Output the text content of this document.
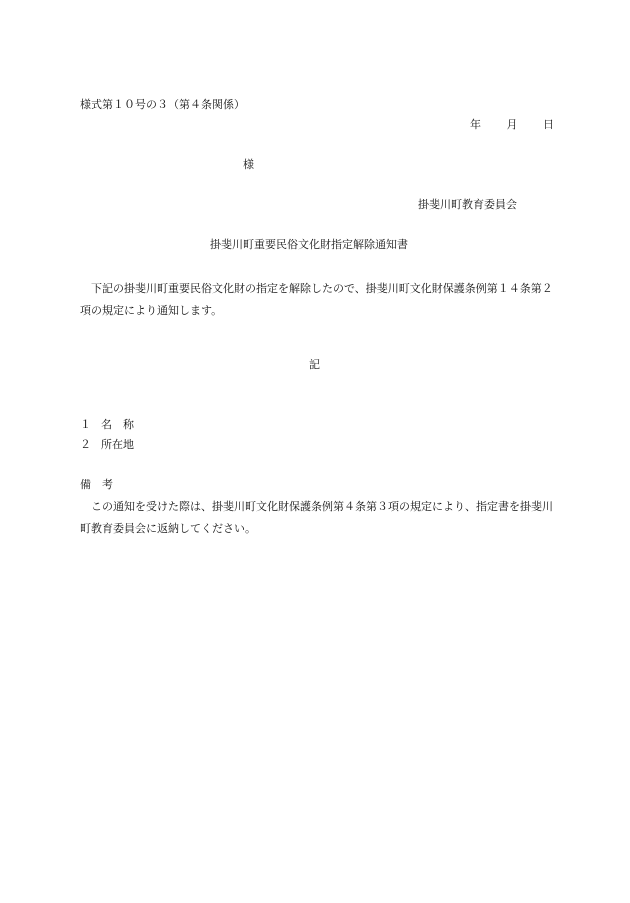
様式第１０号の３（第４条関係）
年 月 日
様
掛斐川町教育委員会
掛斐川町重要民俗文化財指定解除通知書
下記の掛斐川町重要民俗文化財の指定を解除したので、掛斐川町文化財保護条例第１４条第２項の規定により通知します。
記
１ 名　称
２ 所在地
備　考
この通知を受けた際は、掛斐川町文化財保護条例第４条第３項の規定により、指定書を掛斐川町教育委員会に返納してください。
